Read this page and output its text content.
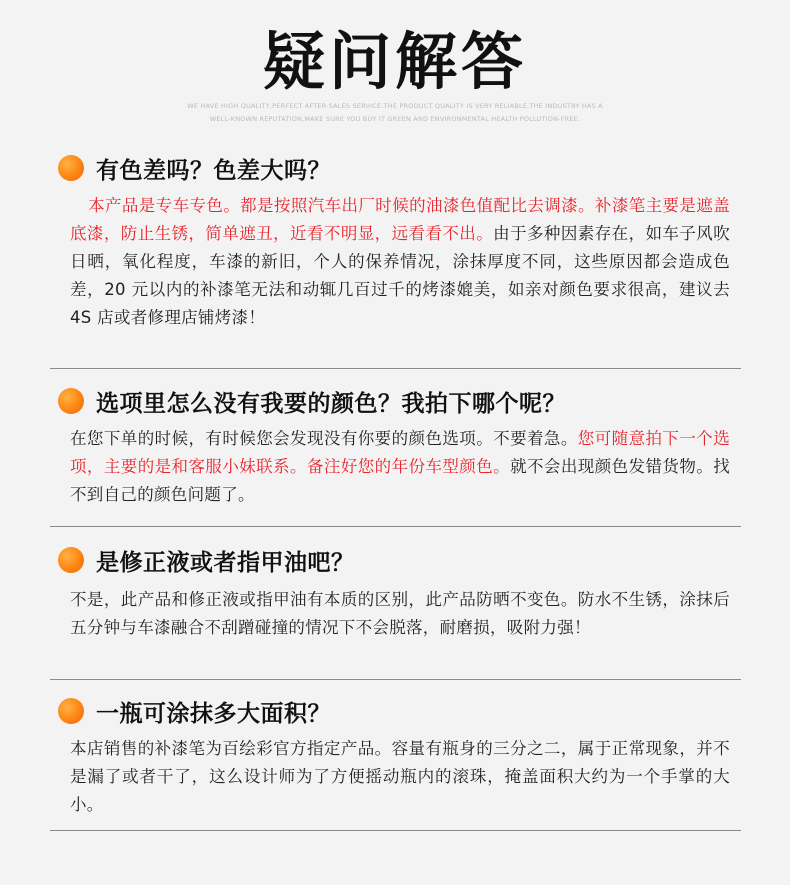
疑问解答
WE HAVE HIGH QUALITY,PERFECT AFTER-SALES SERVICE.THE PRODUCT QUALITY IS VERY RELIABLE,THE INDUSTRY HAS A
WELL-KNOWN REPUTATION,MAKE SURE YOU BUY IT GREEN AND ENVIRONMENTAL HEALTH POLLUTION-FREE.
有色差吗？色差大吗？
本产品是专车专色。都是按照汽车出厂时候的油漆色值配比去调漆。补漆笔主要是遮盖底漆，防止生锈，简单遮丑，近看不明显，远看看不出。由于多种因素存在，如车子风吹日晒，氧化程度，车漆的新旧，个人的保养情况，涂抹厚度不同，这些原因都会造成色差，20 元以内的补漆笔无法和动辄几百过千的烤漆媲美，如亲对颜色要求很高，建议去 4S 店或者修理店铺烤漆！
选项里怎么没有我要的颜色？我拍下哪个呢？
在您下单的时候，有时候您会发现没有你要的颜色选项。不要着急。您可随意拍下一个选项，主要的是和客服小妹联系。备注好您的年份车型颜色。就不会出现颜色发错货物。找不到自己的颜色问题了。
是修正液或者指甲油吧？
不是，此产品和修正液或指甲油有本质的区别，此产品防晒不变色。防水不生锈，涂抹后五分钟与车漆融合不刮蹭碰撞的情况下不会脱落，耐磨损，吸附力强！
一瓶可涂抹多大面积？
本店销售的补漆笔为百绘彩官方指定产品。容量有瓶身的三分之二，属于正常现象，并不是漏了或者干了，这么设计师为了方便摇动瓶内的滚珠，掩盖面积大约为一个手掌的大小。
